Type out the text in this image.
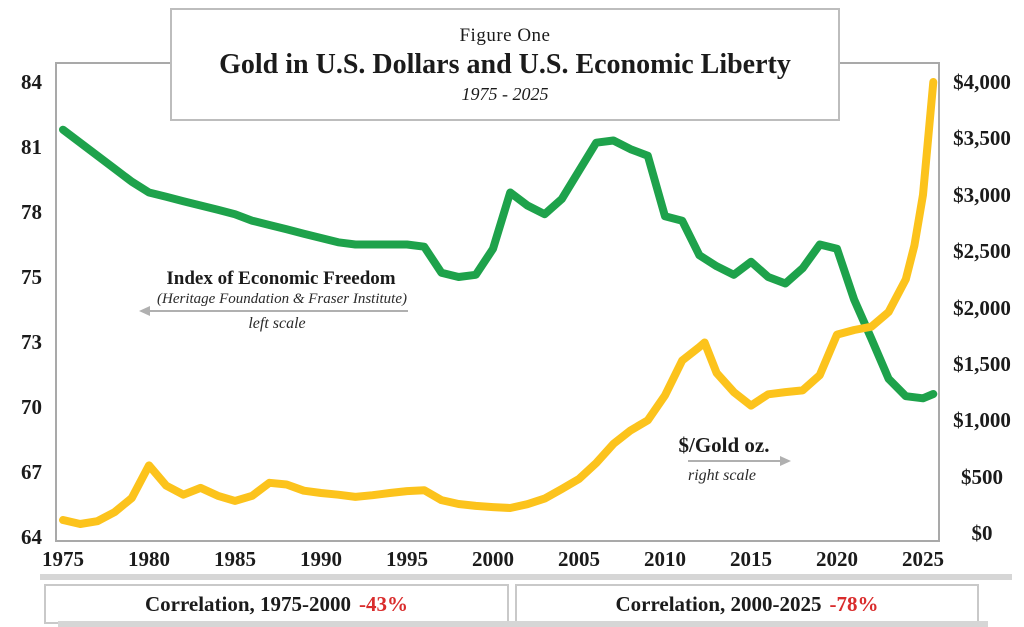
84
81
78
75
73
70
67
64
$4,000
$3,500
$3,000
$2,500
$2,000
$1,500
$1,000
$500
$0
1975 1980 1985 1990 1995 2000 2005 2010 2015 2020 2025
Figure One
Gold in U.S. Dollars and U.S. Economic Liberty
1975 - 2025
Index of Economic Freedom
(Heritage Foundation & Fraser Institute)
left scale
$/Gold oz.
right scale
Correlation, 1975-2000 -43%	Correlation, 2000-2025 -78%
